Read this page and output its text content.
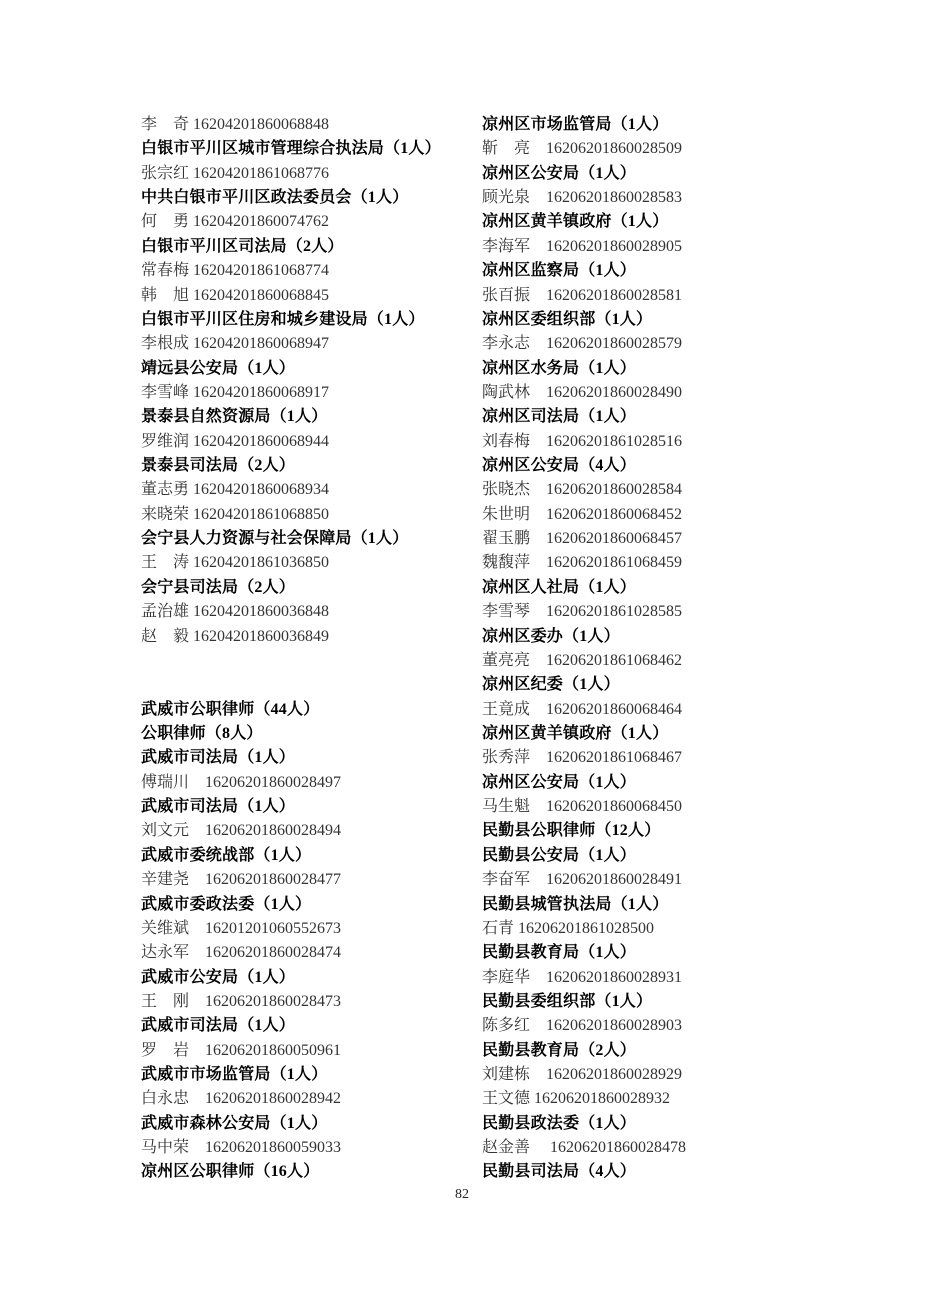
李　奇 16204201860068848
白银市平川区城市管理综合执法局（1人）
张宗红 16204201861068776
中共白银市平川区政法委员会（1人）
何　勇 16204201860074762
白银市平川区司法局（2人）
常春梅 16204201861068774
韩　旭 16204201860068845
白银市平川区住房和城乡建设局（1人）
李根成 16204201860068947
靖远县公安局（1人）
李雪峰 16204201860068917
景泰县自然资源局（1人）
罗维润 16204201860068944
景泰县司法局（2人）
董志勇 16204201860068934
来晓荣 16204201861068850
会宁县人力资源与社会保障局（1人）
王　涛 16204201861036850
会宁县司法局（2人）
孟治雄 16204201860036848
赵　毅 16204201860036849
武威市公职律师（44人）
公职律师（8人）
武威市司法局（1人）
傅瑞川　16206201860028497
武威市司法局（1人）
刘文元　16206201860028494
武威市委统战部（1人）
辛建尧　16206201860028477
武威市委政法委（1人）
关维斌　16201201060552673
达永军　16206201860028474
武威市公安局（1人）
王　刚　16206201860028473
武威市司法局（1人）
罗　岩　16206201860050961
武威市市场监管局（1人）
白永忠　16206201860028942
武威市森林公安局（1人）
马中荣　16206201860059033
凉州区公职律师（16人）
凉州区市场监管局（1人）
靳　亮　16206201860028509
凉州区公安局（1人）
顾光泉　16206201860028583
凉州区黄羊镇政府（1人）
李海军　16206201860028905
凉州区监察局（1人）
张百振　16206201860028581
凉州区委组织部（1人）
李永志　16206201860028579
凉州区水务局（1人）
陶武林　16206201860028490
凉州区司法局（1人）
刘春梅　16206201861028516
凉州区公安局（4人）
张晓杰　16206201860028584
朱世明　16206201860068452
翟玉鹏　16206201860068457
魏馥萍　16206201861068459
凉州区人社局（1人）
李雪琴　16206201861028585
凉州区委办（1人）
董亮亮　16206201861068462
凉州区纪委（1人）
王竟成　16206201860068464
凉州区黄羊镇政府（1人）
张秀萍　16206201861068467
凉州区公安局（1人）
马生魁　16206201860068450
民勤县公职律师（12人）
民勤县公安局（1人）
李奋军　16206201860028491
民勤县城管执法局（1人）
石青 16206201861028500
民勤县教育局（1人）
李庭华　16206201860028931
民勤县委组织部（1人）
陈多红　16206201860028903
民勤县教育局（2人）
刘建栋　16206201860028929
王文德 16206201860028932
民勤县政法委（1人）
赵金善　 16206201860028478
民勤县司法局（4人）
82
